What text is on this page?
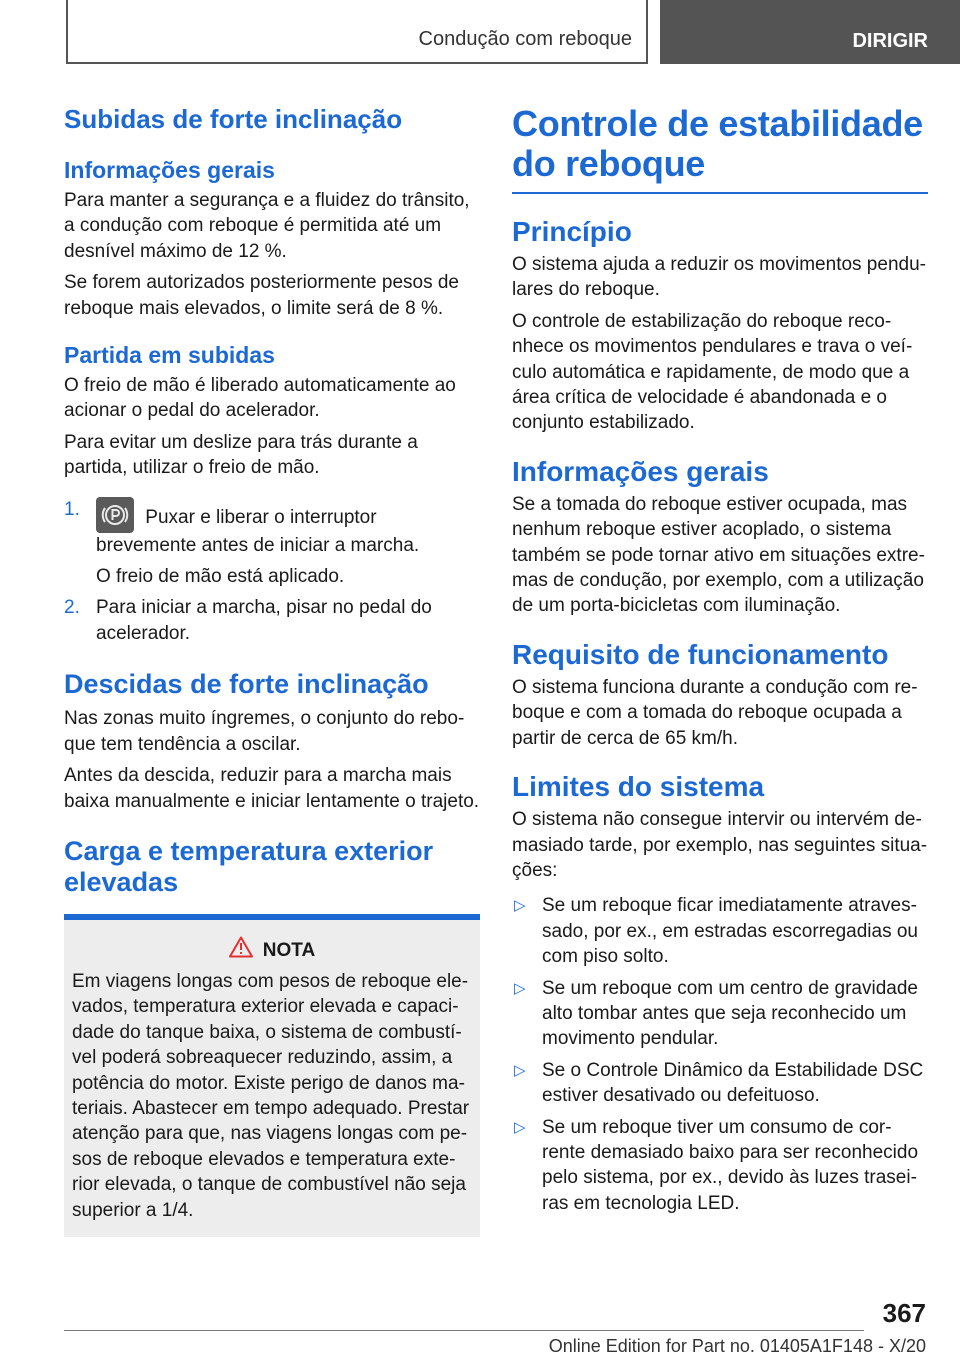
Condução com reboque	DIRIGIR
Subidas de forte inclinação
Informações gerais

Para manter a segurança e a fluidez do trânsito, a condução com reboque é permitida até um desnível máximo de 12 %.

Se forem autorizados posteriormente pesos de reboque mais elevados, o limite será de 8 %.

Partida em subidas

O freio de mão é liberado automaticamente ao acionar o pedal do acelerador.

Para evitar um deslize para trás durante a partida, utilizar o freio de mão.

1.	Puxar e liberar o interruptor brevemente antes de iniciar a marcha.

O freio de mão está aplicado.

2. Para iniciar a marcha, pisar no pedal do acelerador.
Descidas de forte inclinação

Nas zonas muito íngremes, o conjunto do reboque tem tendência a oscilar.

Antes da descida, reduzir para a marcha mais baixa manualmente e iniciar lentamente o trajeto.

Carga e temperatura exterior elevadas
NOTA
Em viagens longas com pesos de reboque elevados, temperatura exterior elevada e capacidade do tanque baixa, o sistema de combustível poderá sobreaquecer reduzindo, assim, a potência do motor. Existe perigo de danos materiais. Abastecer em tempo adequado. Prestar atenção para que, nas viagens longas com pesos de reboque elevados e temperatura exterior elevada, o tanque de combustível não seja superior a 1/4.
Controle de estabilidade do reboque
Princípio

O sistema ajuda a reduzir os movimentos pendulares do reboque.

O controle de estabilização do reboque reconhece os movimentos pendulares e trava o veículo automática e rapidamente, de modo que a área crítica de velocidade é abandonada e o conjunto estabilizado.

Informações gerais

Se a tomada do reboque estiver ocupada, mas nenhum reboque estiver acoplado, o sistema também se pode tornar ativo em situações extremas de condução, por exemplo, com a utilização de um porta-bicicletas com iluminação.

Requisito de funcionamento

O sistema funciona durante a condução com reboque e com a tomada do reboque ocupada a partir de cerca de 65 km/h.

Limites do sistema

O sistema não consegue intervir ou intervém demasiado tarde, por exemplo, nas seguintes situações:

▷ Se um reboque ficar imediatamente atravessado, por ex., em estradas escorregadias ou com piso solto.
▷ Se um reboque com um centro de gravidade alto tombar antes que seja reconhecido um movimento pendular.
▷ Se o Controle Dinâmico da Estabilidade DSC estiver desativado ou defeituoso.
▷ Se um reboque tiver um consumo de corrente demasiado baixo para ser reconhecido pelo sistema, por ex., devido às luzes traseiras em tecnologia LED.
367
Online Edition for Part no. 01405A1F148 - X/20
